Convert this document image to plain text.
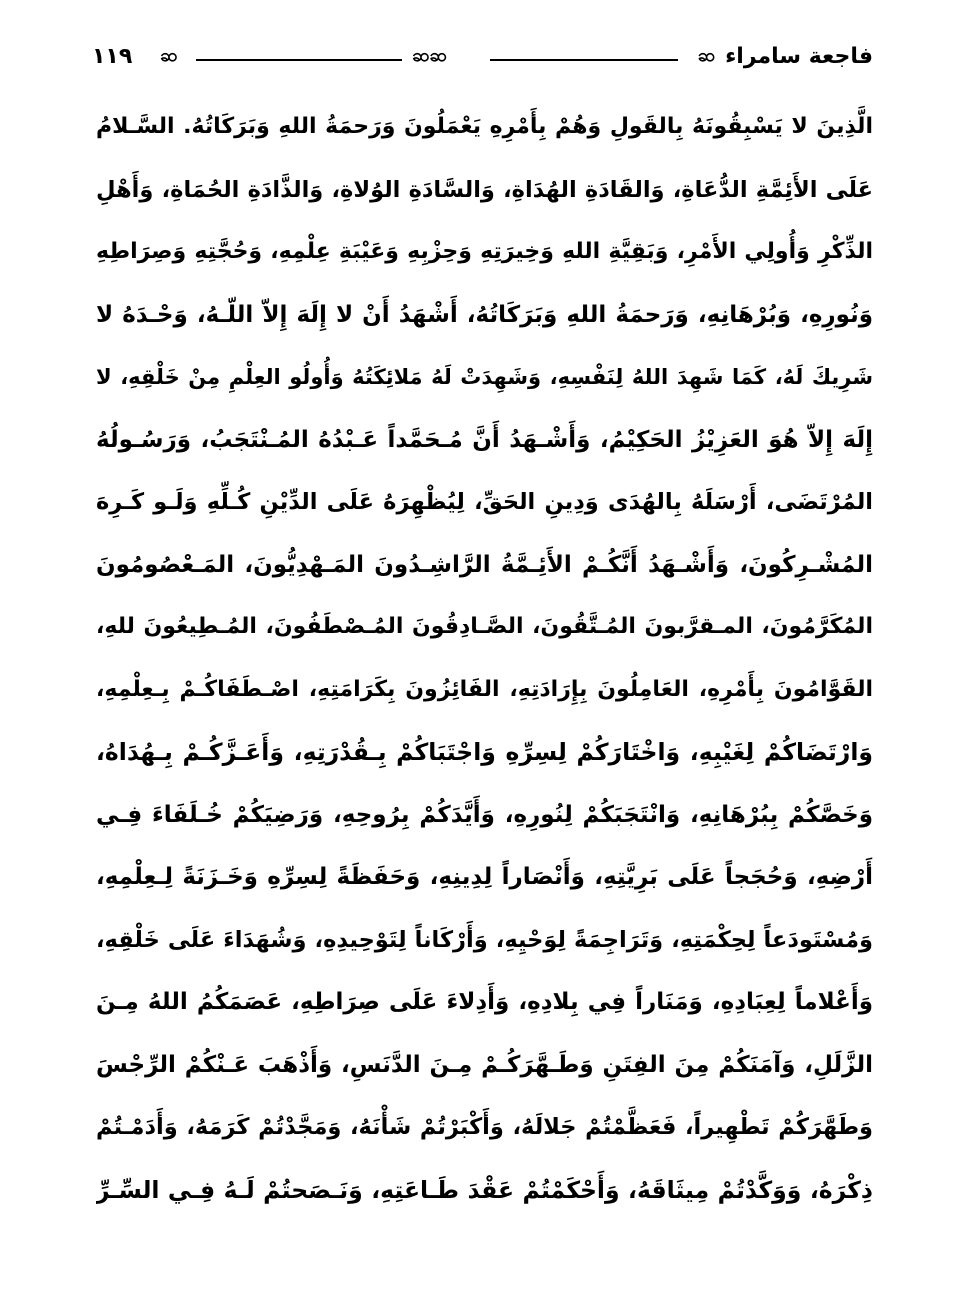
فاجعة سامراء
ဆ
ဆဆ
ဆ
١١٩
الَّذِينَ لا يَسْبِقُونَهُ بِالقَولِ وَهُمْ بِأَمْرِهِ يَعْمَلُونَ وَرَحمَةُ اللهِ وَبَرَكَاتُهُ. السَّـلامُ
عَلَى الأَئِمَّةِ الدُّعَاةِ، وَالقَادَةِ الهُدَاةِ، وَالسَّادَةِ الوُلاةِ، وَالذَّادَةِ الحُمَاةِ، وَأَهْلِ
الذِّكْرِ وَأُولِي الأَمْرِ، وَبَقِيَّةِ اللهِ وَخِيرَتِهِ وَحِزْبِهِ وَعَيْبَةِ عِلْمِهِ، وَحُجَّتِهِ وَصِرَاطِهِ
وَنُورِهِ، وَبُرْهَانِهِ، وَرَحمَةُ اللهِ وَبَرَكَاتُهُ، أَشْهَدُ أَنْ لا إِلَهَ إِلاّ اللّـهُ، وَحْـدَهُ لا
شَرِيكَ لَهُ، كَمَا شَهِدَ اللهُ لِنَفْسِهِ، وَشَهِدَتْ لَهُ مَلائِكَتُهُ وَأُولُو العِلْمِ مِنْ خَلْقِهِ، لا
إِلَهَ إِلاّ هُوَ العَزِيْزُ الحَكِيْمُ، وَأَشْـهَدُ أَنَّ مُـحَمَّداً عَـبْدُهُ المُـنْتَجَبُ، وَرَسُـولُهُ
المُرْتَضَى، أَرْسَلَهُ بِالهُدَى وَدِينِ الحَقِّ، لِيُظْهِرَهُ عَلَى الدِّيْنِ كُـلِّهِ وَلَـو كَـرِهَ
المُشْـرِكُونَ، وَأَشْـهَدُ أَنَّكُـمْ الأَئِـمَّةُ الرَّاشِـدُونَ المَـهْدِيُّونَ، المَـعْصُومُونَ
المُكَرَّمُونَ، المـقرَّبونَ المُـتَّقُونَ، الصَّـادِقُونَ المُـصْطَفُونَ، المُـطِيعُونَ للهِ،
القَوَّامُونَ بِأَمْرِهِ، العَامِلُونَ بِإِرَادَتِهِ، الفَائِزُونَ بِكَرَامَتِهِ، اصْـطَفَاكُـمْ بِـعِلْمِهِ،
وَارْتَضَاكُمْ لِغَيْبِهِ، وَاخْتَارَكُمْ لِسِرِّهِ وَاجْتَبَاكُمْ بِـقُدْرَتِهِ، وَأَعَـزَّكُـمْ بِـهُدَاهُ،
وَخَصَّكُمْ بِبُرْهَانِهِ، وَانْتَجَبَكُمْ لِنُورِهِ، وَأَيَّدَكُمْ بِرُوحِهِ، وَرَضِيَكُمْ خُـلَفَاءَ فِـي
أَرْضِهِ، وَحُجَجاً عَلَى بَرِيَّتِهِ، وَأَنْصَاراً لِدِينِهِ، وَحَفَظَةً لِسِرِّهِ وَخَـزَنَةً لِـعِلْمِهِ،
وَمُسْتَودَعاً لِحِكْمَتِهِ، وَتَرَاجِمَةً لِوَحْيِهِ، وَأَرْكَاناً لِتَوْحِيدِهِ، وَشُهَدَاءَ عَلَى خَلْقِهِ،
وَأَعْلاماً لِعِبَادِهِ، وَمَنَاراً فِي بِلادِهِ، وَأَدِلاءَ عَلَى صِرَاطِهِ، عَصَمَكُمُ اللهُ مِـنَ
الزَّلَلِ، وَآمَنَكُمْ مِنَ الفِتَنِ وَطَـهَّرَكُـمْ مِـنَ الدَّنَسِ، وَأَذْهَبَ عَـنْكُمْ الرِّجْسَ
وَطَهَّرَكُمْ تَطْهِيراً، فَعَظَّمْتُمْ جَلالَهُ، وَأَكْبَرْتُمْ شَأْنَهُ، وَمَجَّدْتُمْ كَرَمَهُ، وَأَدَمْـتُمْ
ذِكْرَهُ، وَوَكَّدْتُمْ مِيثَاقَهُ، وَأَحْكَمْتُمْ عَقْدَ طَـاعَتِهِ، وَنَـصَحتُمْ لَـهُ فِـي السِّـرِّ
